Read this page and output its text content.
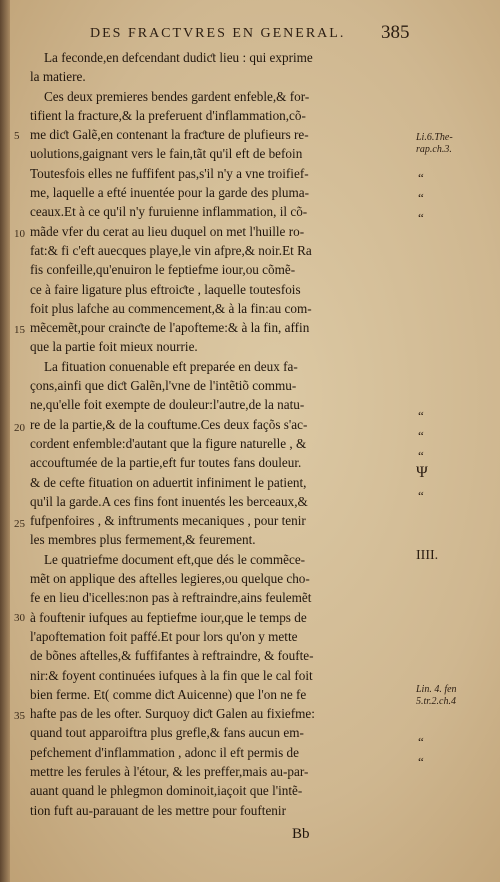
DES FRACTVRES EN GENERAL.	385
5
10
15
20
25
30
35
La feconde,en defcendant dudiƈt lieu : qui exprime
la matiere.
Ces deux premieres bendes gardent enfeble,& for-
tifient la fracture,& la preferuent d'inflammation,cõ-
me diƈt Galẽ,en contenant la fraƈture de plufieurs re-
uolutions,gaignant vers le fain,tãt qu'il eft de befoin
Toutesfois elles ne fuffifent pas,s'il n'y a vne troifief-
me, laquelle a efté inuentée pour la garde des pluma-
ceaux.Et à ce qu'il n'y furuienne inflammation, il cõ-
mãde vfer du cerat au lieu duquel on met l'huille ro-
fat:& fi c'eft auecques playe,le vin afpre,& noir.Et Ra
fis confeille,qu'enuiron le feptiefme iour,ou cõmẽ-
ce à faire ligature plus eftroiƈte , laquelle toutesfois
foit plus lafche au commencement,& à la fin:au com-
mẽcemẽt,pour crainƈte de l'apofteme:& à la fin, affin
que la partie foit mieux nourrie.
La fituation conuenable eft preparée en deux fa-
çons,ainfi que diƈt Galẽn,l'vne de l'intẽtiõ commu-
ne,qu'elle foit exempte de douleur:l'autre,de la natu-
re de la partie,& de la couftume.Ces deux façõs s'ac-
cordent enfemble:d'autant que la figure naturelle , &
accouftumée de la partie,eft fur toutes fans douleur.
& de cefte fituation on aduertit infiniment le patient,
qu'il la garde.A ces fins font inuentés les berceaux,&
fufpenfoires , & inftruments mecaniques , pour tenir
les membres plus fermement,& feurement.
Le quatriefme document eft,que dés le commẽce-
mẽt on applique des aftelles legieres,ou quelque cho-
fe en lieu d'icelles:non pas à reftraindre,ains feulemẽt
à fouftenir iufques au feptiefme iour,que le temps de
l'apoftemation foit paffé.Et pour lors qu'on y mette
de bõnes aftelles,& fuffifantes à reftraindre, & foufte-
nir:& foyent continuées iufques à la fin que le cal foit
bien ferme. Et( comme diƈt Auicenne) que l'on ne fe
hafte pas de les ofter. Surquoy diƈt Galen au fixiefme:
quand tout apparoiftra plus grefle,& fans aucun em-
pefchement d'inflammation , adonc il eft permis de
mettre les ferules à l'étour, & les preffer,mais au-par-
auant quand le phlegmon dominoit,iaçoit que l'intẽ-
tion fuft au-parauant de les mettre pour fouftenir
Li.6.The-
rap.ch.3.
“
“
“
“
“
“
Ψ
“
IIII.
Lin. 4. fen
5.tr.2.ch.4
“
“
Bb
